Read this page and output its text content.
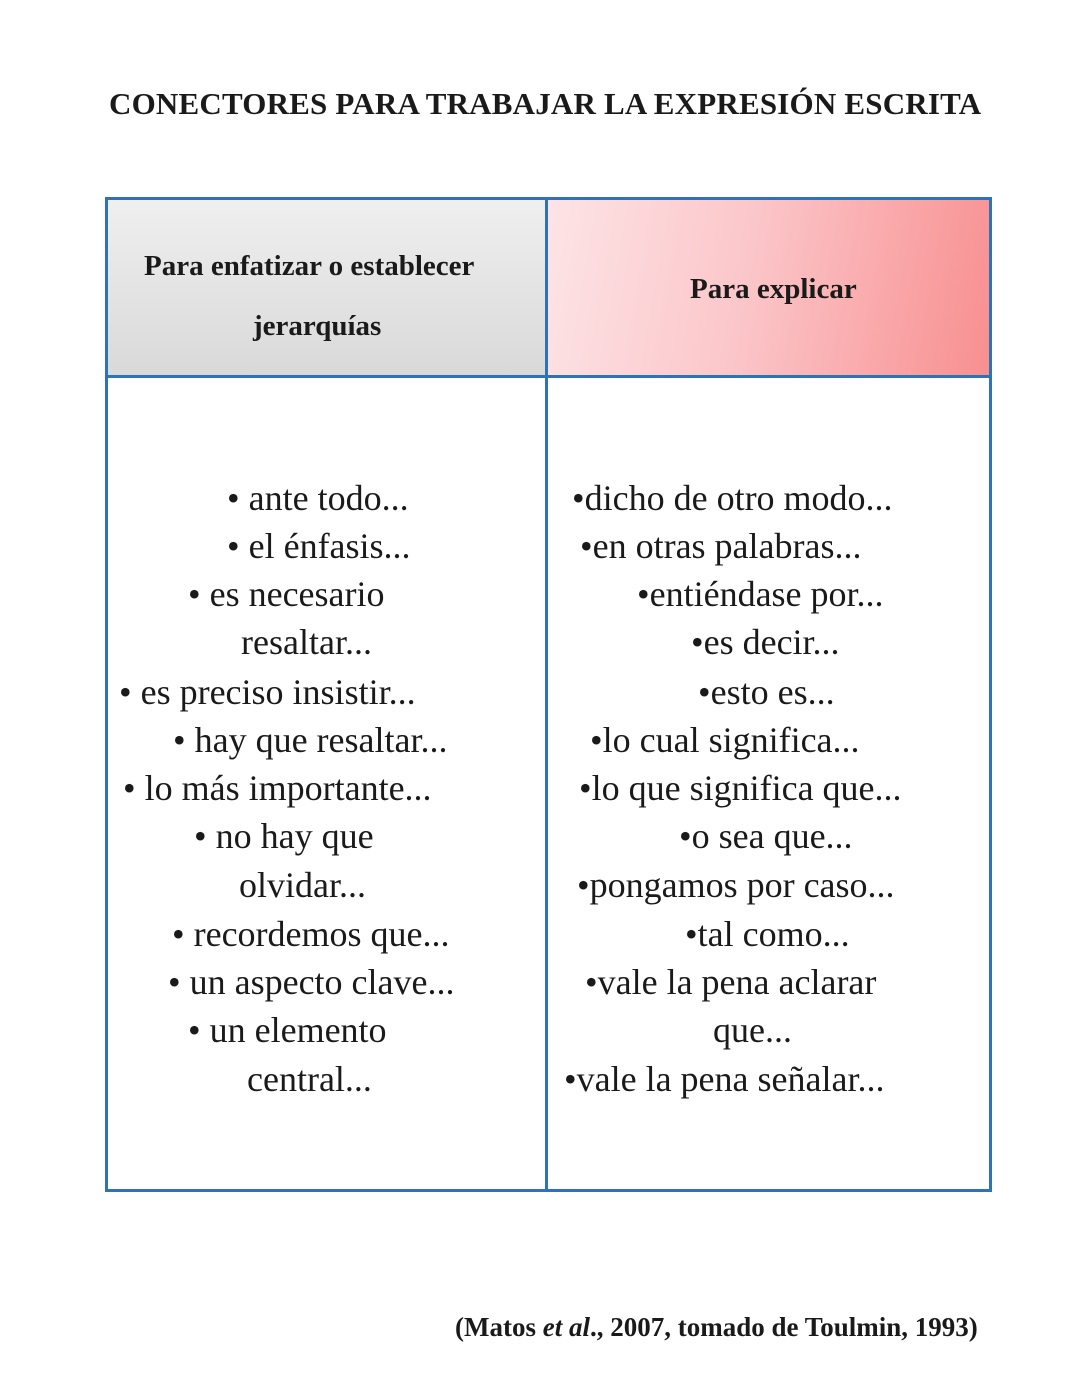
CONECTORES PARA TRABAJAR LA EXPRESIÓN ESCRITA
Para enfatizar o establecer
jerarquías
Para explicar
• ante todo...
• el énfasis...
• es necesario
resaltar...
• es preciso insistir...
• hay que resaltar...
• lo más importante...
• no hay que
olvidar...
• recordemos que...
• un aspecto clave...
• un elemento
central...
•dicho de otro modo...
•en otras palabras...
•entiéndase por...
•es decir...
•esto es...
•lo cual significa...
•lo que significa que...
•o sea que...
•pongamos por caso...
•tal como...
•vale la pena aclarar
que...
•vale la pena señalar...
(Matos et al., 2007, tomado de Toulmin, 1993)
